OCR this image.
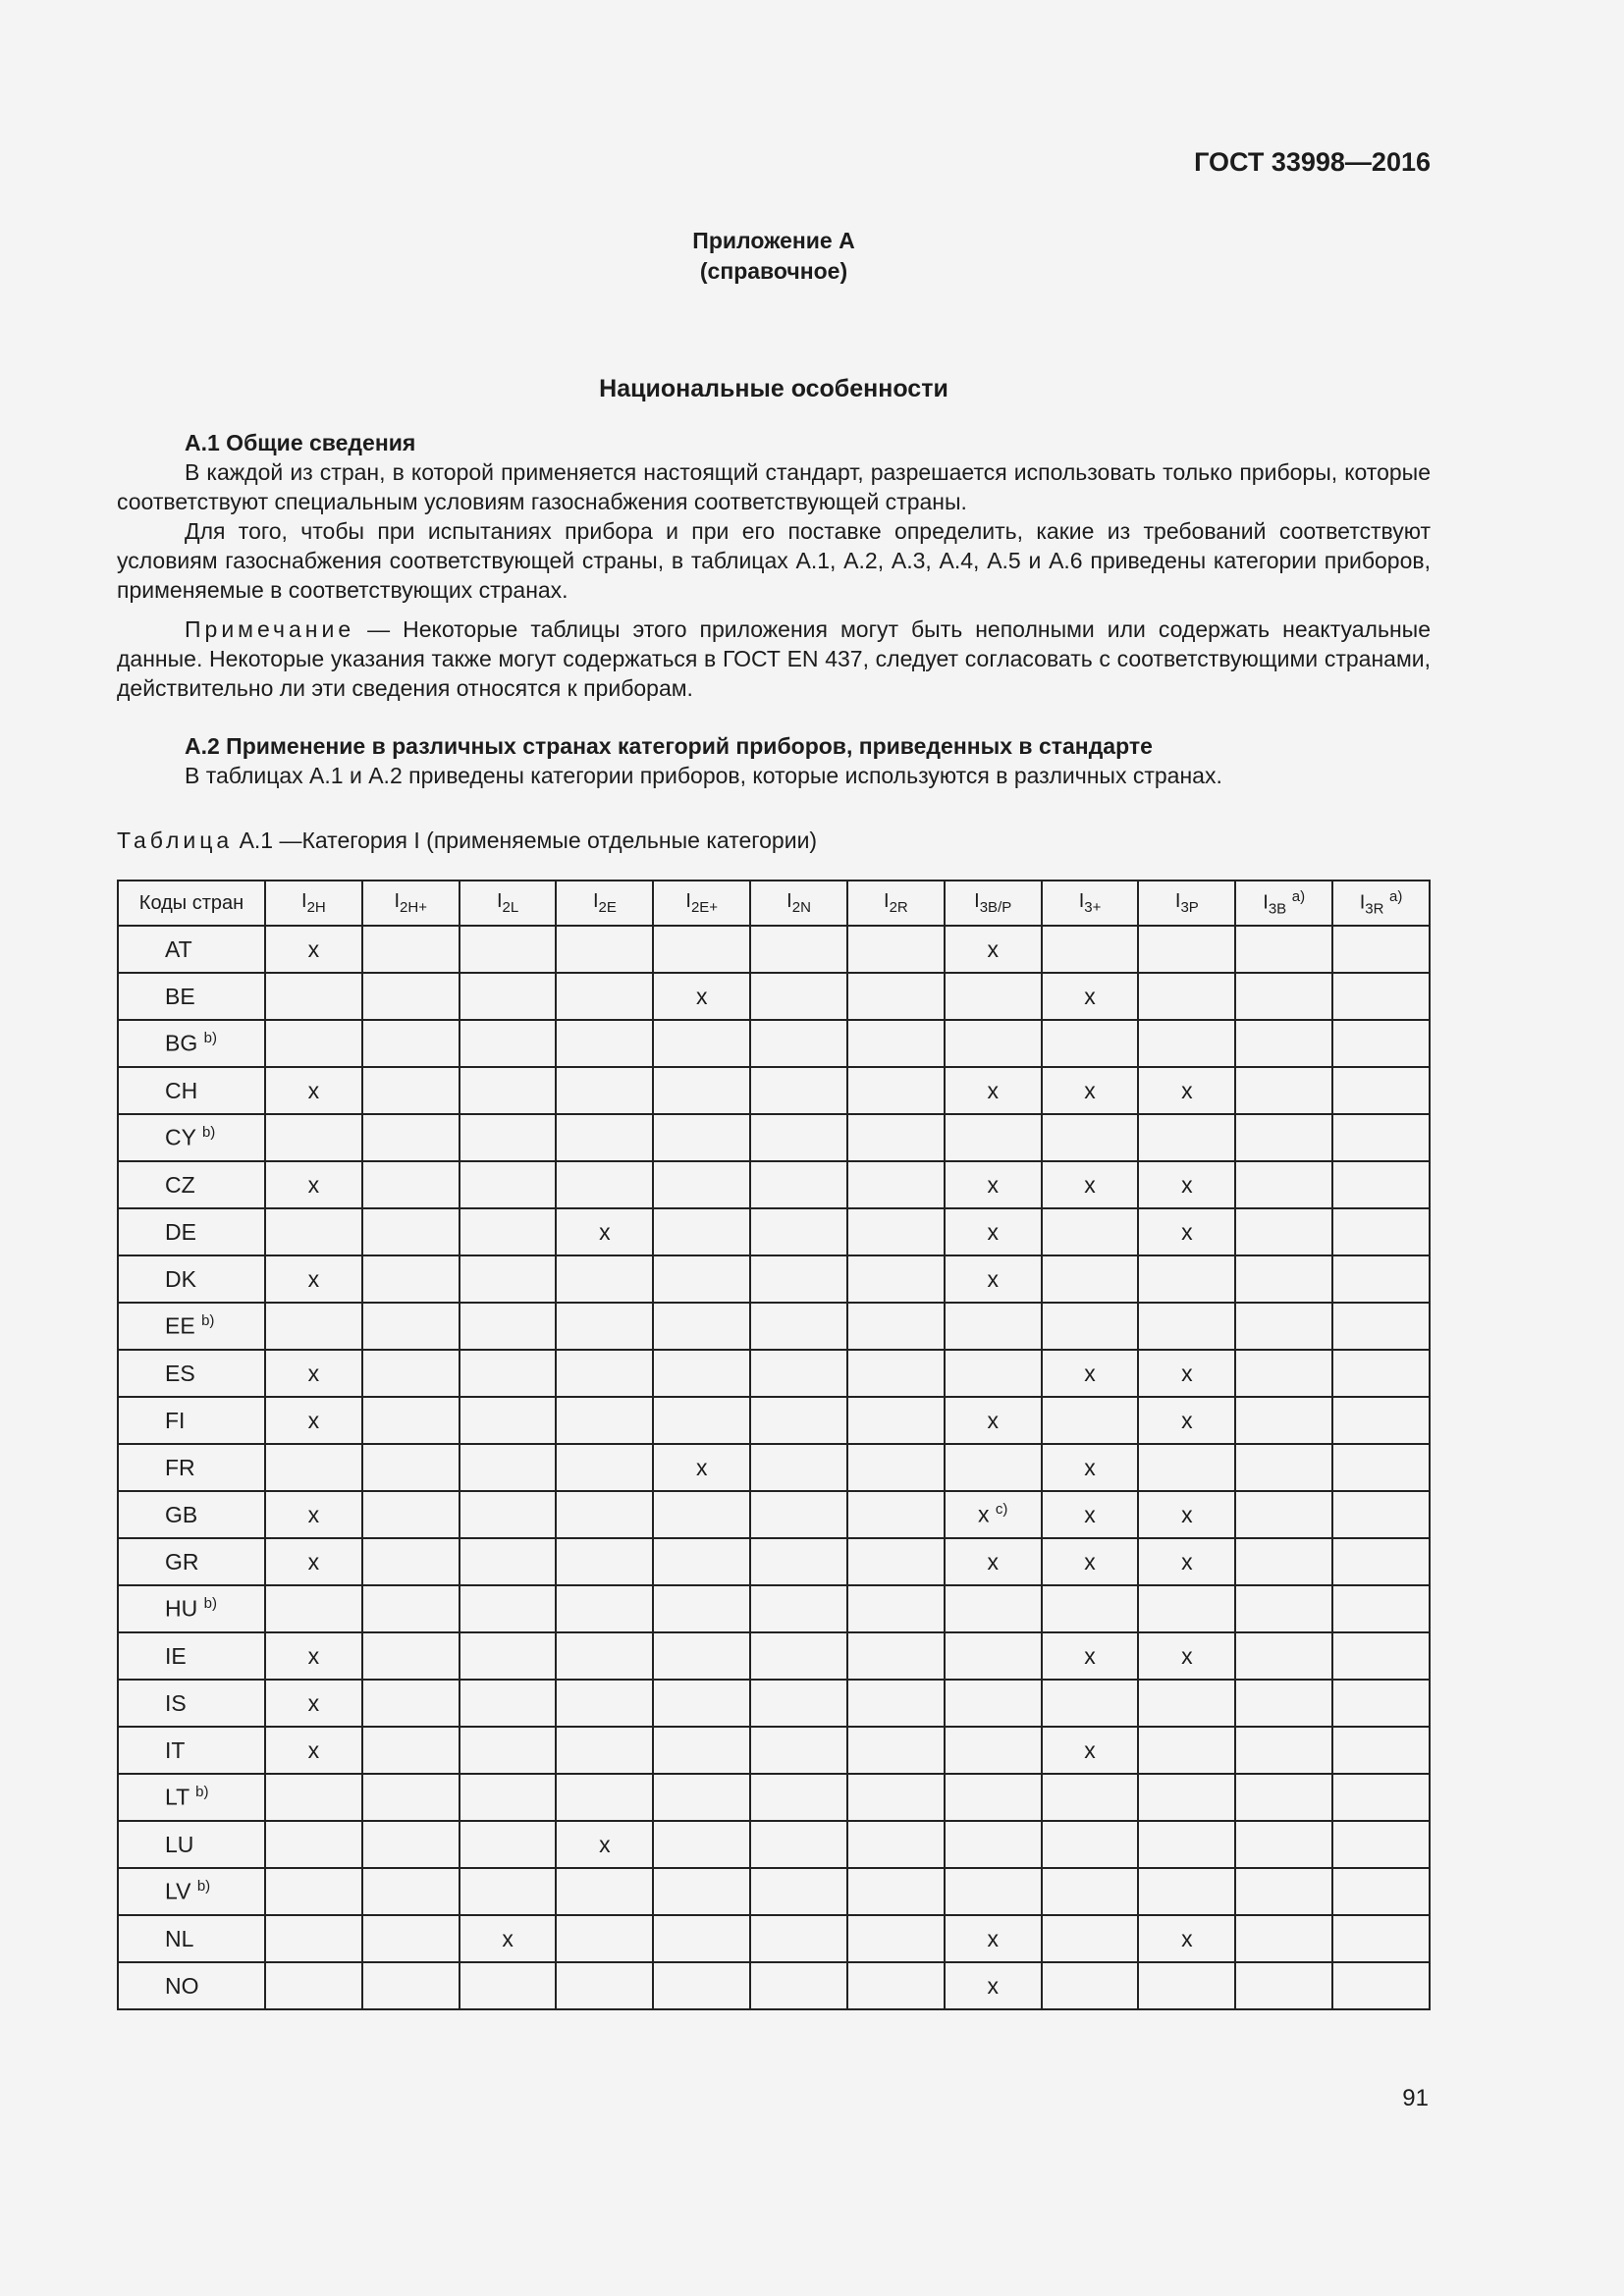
ГОСТ 33998—2016
Приложение А
(справочное)
Национальные особенности
А.1 Общие сведения

В каждой из стран, в которой применяется настоящий стандарт, разрешается использовать только приборы, которые соответствуют специальным условиям газоснабжения соответствующей страны.

Для того, чтобы при испытаниях прибора и при его поставке определить, какие из требований соответствуют условиям газоснабжения соответствующей страны, в таблицах А.1, А.2, А.3, А.4, А.5 и А.6 приведены категории приборов, применяемые в соответствующих странах.

Примечание — Некоторые таблицы этого приложения могут быть неполными или содержать неактуальные данные. Некоторые указания также могут содержаться в ГОСТ EN 437, следует согласовать с соответствующими странами, действительно ли эти сведения относятся к приборам.

А.2 Применение в различных странах категорий приборов, приведенных в стандарте

В таблицах А.1 и А.2 приведены категории приборов, которые используются в различных странах.

Таблица А.1 —Категория I (применяемые отдельные категории)
Коды стран	$I_{2H}$	$I_{2H+}$	$I_{2L}$	$I_{2E}$	$I_{2E+}$	$I_{2N}$	$I_{2R}$	$I_{3B/P}$	$I_{3+}$	$I_{3P}$	$I_{3B}$ $^{a)}$	$I_{3R}$ $^{a)}$
AT	x							x				
BE					x				x			
BG $^{b)}$												
CH	x							x	x	x		
CY $^{b)}$												
CZ	x							x	x	x		
DE				x				x		x		
DK	x							x				
EE $^{b)}$												
ES	x								x	x		
FI	x							x		x		
FR					x				x			
GB	x							x $^{c)}$	x	x		
GR	x							x	x	x		
HU $^{b)}$												
IE	x								x	x		
IS	x											
IT	x								x			
LT $^{b)}$												
LU				x								
LV $^{b)}$												
NL			x					x		x		
NO								x				
91
